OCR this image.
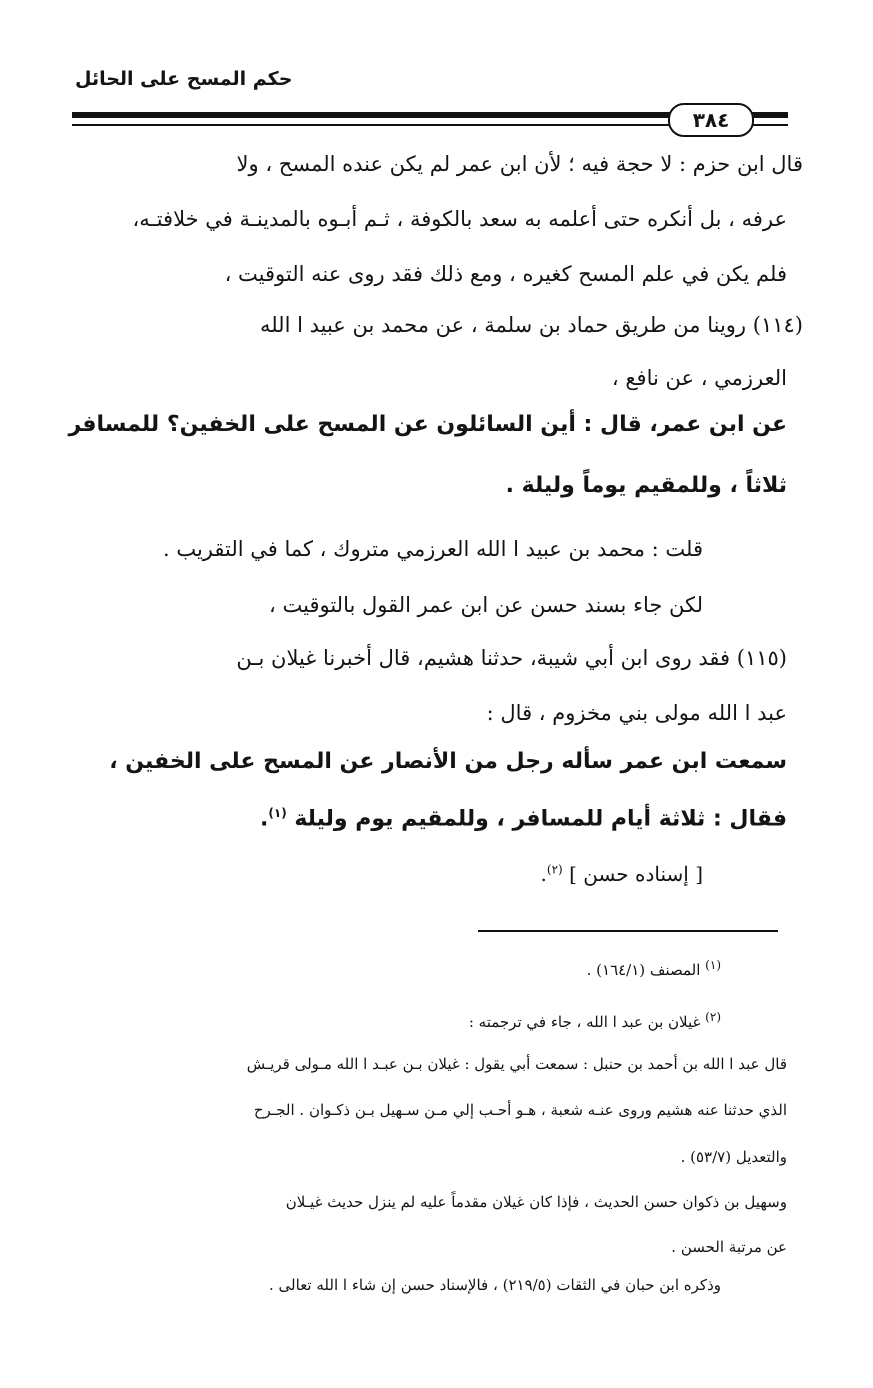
حكم المسح على الحائل
٣٨٤
قال ابن حزم : لا حجة فيه ؛ لأن ابن عمر لم يكن عنده المسح ، ولا
عرفه ، بل أنكره حتى أعلمه به سعد بالكوفة ، ثـم أبـوه بالمدينـة في خلافتـه،
فلم يكن في علم المسح كغيره ، ومع ذلك فقد روى عنه التوقيت ،
(١١٤) روينا من طريق حماد بن سلمة ، عن محمد بن عبيد ا الله
العرزمي ، عن نافع ،
عن ابن عمر، قال : أين السائلون عن المسح على الخفين؟ للمسافر
ثلاثاً ، وللمقيم يوماً وليلة .
قلت : محمد بن عبيد ا الله العرزمي متروك ، كما في التقريب .
لكن جاء بسند حسن عن ابن عمر القول بالتوقيت ،
(١١٥) فقد روى ابن أبي شيبة، حدثنا هشيم، قال أخبرنا غيلان بـن
عبد ا الله مولى بني مخزوم ، قال :
سمعت ابن عمر سأله رجل من الأنصار عن المسح على الخفين ،
فقال : ثلاثة أيام للمسافر ، وللمقيم يوم وليلة $^{(١)}$.
[ إسناده حسن ] $^{(٢)}$.
$^{(١)}$ المصنف (١٦٤/١) .
$^{(٢)}$ غيلان بن عبد ا الله ، جاء في ترجمته :
قال عبد ا الله بن أحمد بن حنبل : سمعت أبي يقول : غيلان بـن عبـد ا الله مـولى قريـش
الذي حدثنا عنه هشيم وروى عنـه شعبة ، هـو أحـب إلي مـن سـهيل بـن ذكـوان . الجـرح
والتعديل (٥٣/٧) .
وسهيل بن ذكوان حسن الحديث ، فإذا كان غيلان مقدماً عليه لم ينزل حديث غيـلان
عن مرتبة الحسن .
وذكره ابن حبان في الثقات (٢١٩/٥) ، فالإسناد حسن إن شاء ا الله تعالى .
